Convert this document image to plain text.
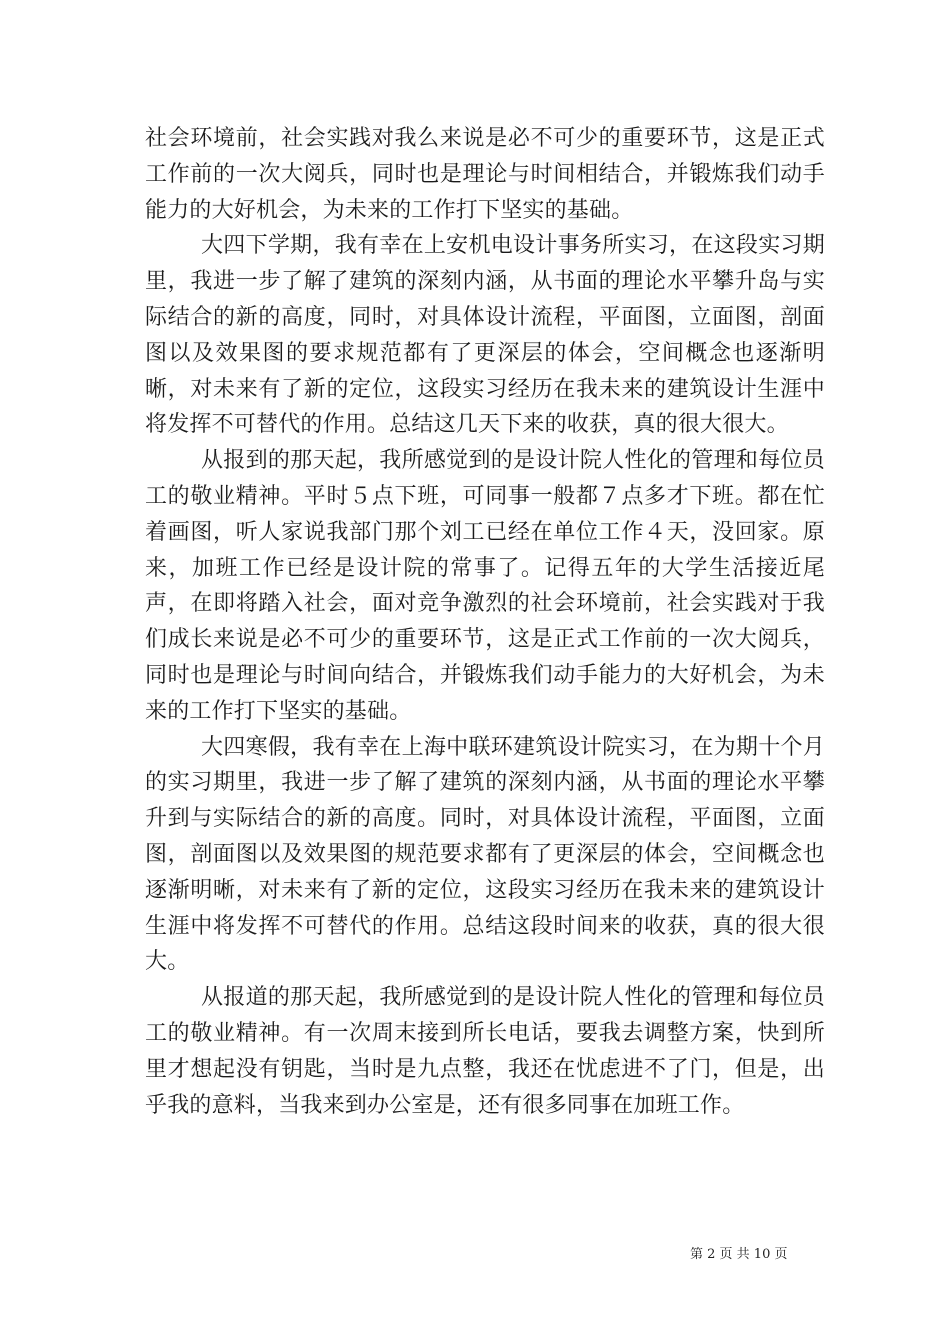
社会环境前，社会实践对我么来说是必不可少的重要环节，这是正式工作前的一次大阅兵，同时也是理论与时间相结合，并锻炼我们动手能力的大好机会，为未来的工作打下坚实的基础。

大四下学期，我有幸在上安机电设计事务所实习，在这段实习期里，我进一步了解了建筑的深刻内涵，从书面的理论水平攀升岛与实际结合的新的高度，同时，对具体设计流程，平面图，立面图，剖面图以及效果图的要求规范都有了更深层的体会，空间概念也逐渐明晰，对未来有了新的定位，这段实习经历在我未来的建筑设计生涯中将发挥不可替代的作用。总结这几天下来的收获，真的很大很大。

从报到的那天起，我所感觉到的是设计院人性化的管理和每位员工的敬业精神。平时５点下班，可同事一般都７点多才下班。都在忙着画图，听人家说我部门那个刘工已经在单位工作４天，没回家。原来，加班工作已经是设计院的常事了。记得五年的大学生活接近尾声，在即将踏入社会，面对竞争激烈的社会环境前，社会实践对于我们成长来说是必不可少的重要环节，这是正式工作前的一次大阅兵，同时也是理论与时间向结合，并锻炼我们动手能力的大好机会，为未来的工作打下坚实的基础。

大四寒假，我有幸在上海中联环建筑设计院实习，在为期十个月的实习期里，我进一步了解了建筑的深刻内涵，从书面的理论水平攀升到与实际结合的新的高度。同时，对具体设计流程，平面图，立面图，剖面图以及效果图的规范要求都有了更深层的体会，空间概念也逐渐明晰，对未来有了新的定位，这段实习经历在我未来的建筑设计生涯中将发挥不可替代的作用。总结这段时间来的收获，真的很大很大。

从报道的那天起，我所感觉到的是设计院人性化的管理和每位员工的敬业精神。有一次周末接到所长电话，要我去调整方案，快到所里才想起没有钥匙，当时是九点整，我还在忧虑进不了门，但是，出乎我的意料，当我来到办公室是，还有很多同事在加班工作。

第 2 页 共 10 页
